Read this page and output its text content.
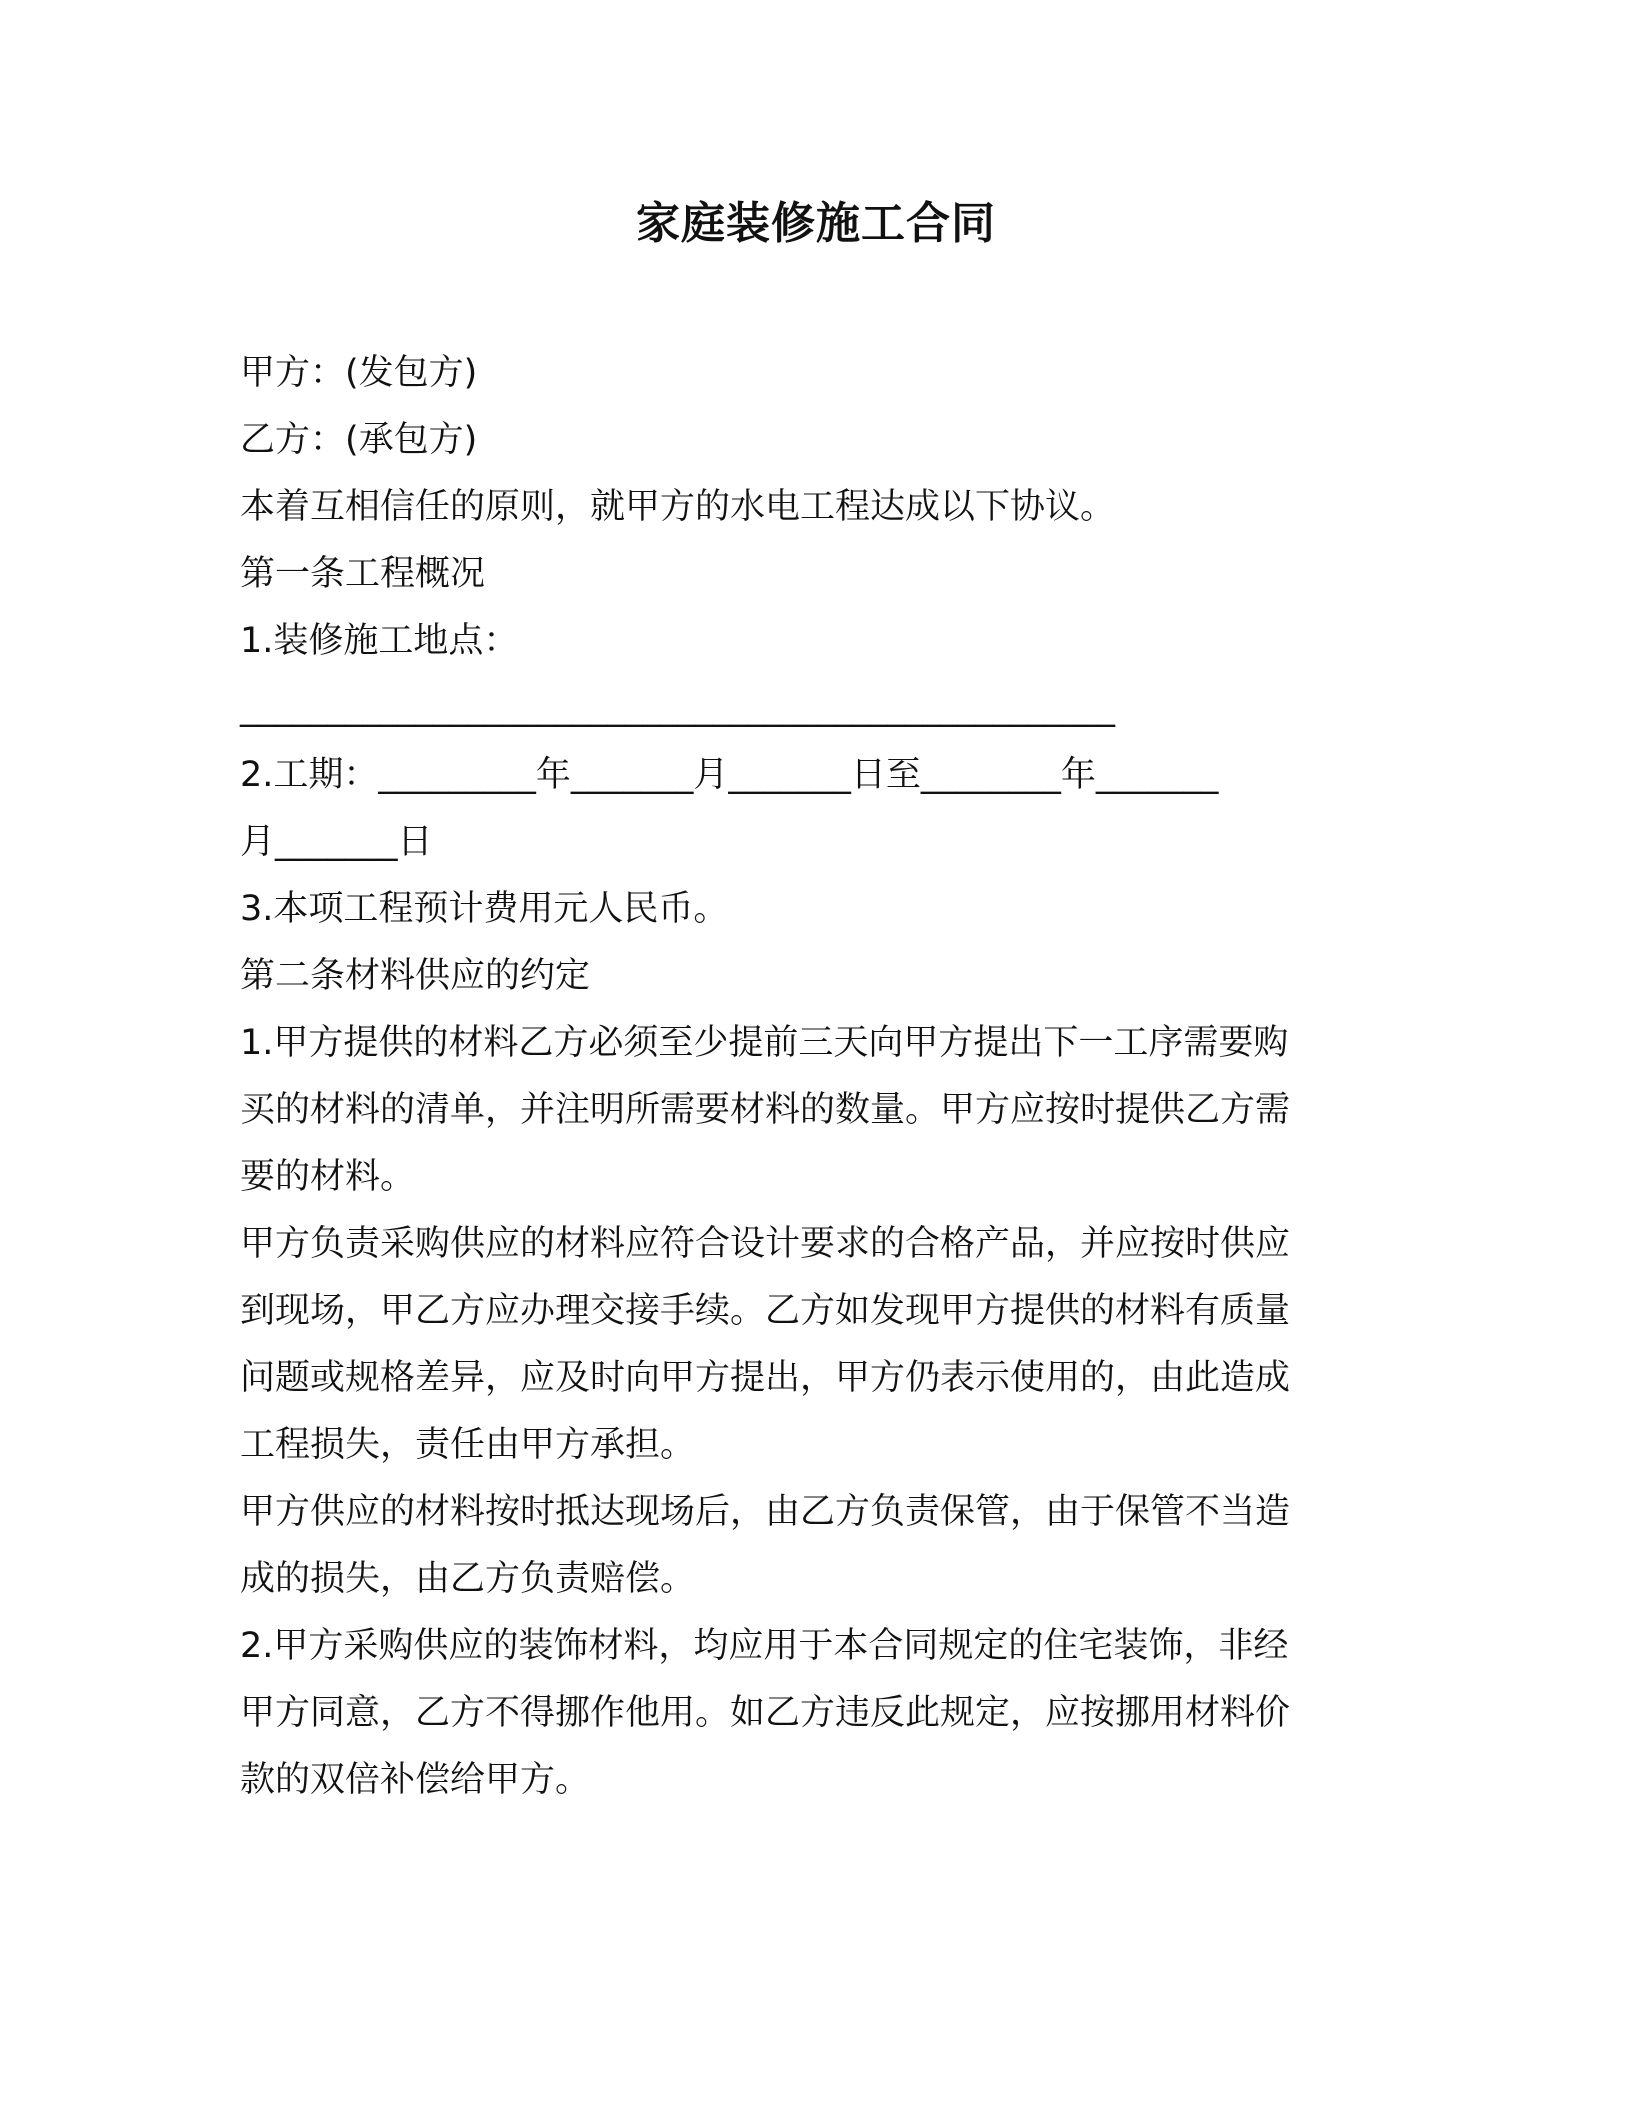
家庭装修施工合同

甲方：(发包方)

乙方：(承包方)

本着互相信任的原则，就甲方的水电工程达成以下协议。

第一条工程概况

1.装修施工地点：

__________________________________________________

2.工期：_________年_______月_______日至________年_______

月_______日

3.本项工程预计费用元人民币。

第二条材料供应的约定

1.甲方提供的材料乙方必须至少提前三天向甲方提出下一工序需要购

买的材料的清单，并注明所需要材料的数量。甲方应按时提供乙方需

要的材料。

甲方负责采购供应的材料应符合设计要求的合格产品，并应按时供应

到现场，甲乙方应办理交接手续。乙方如发现甲方提供的材料有质量

问题或规格差异，应及时向甲方提出，甲方仍表示使用的，由此造成

工程损失，责任由甲方承担。

甲方供应的材料按时抵达现场后，由乙方负责保管，由于保管不当造

成的损失，由乙方负责赔偿。

2.甲方采购供应的装饰材料，均应用于本合同规定的住宅装饰，非经

甲方同意，乙方不得挪作他用。如乙方违反此规定，应按挪用材料价

款的双倍补偿给甲方。
